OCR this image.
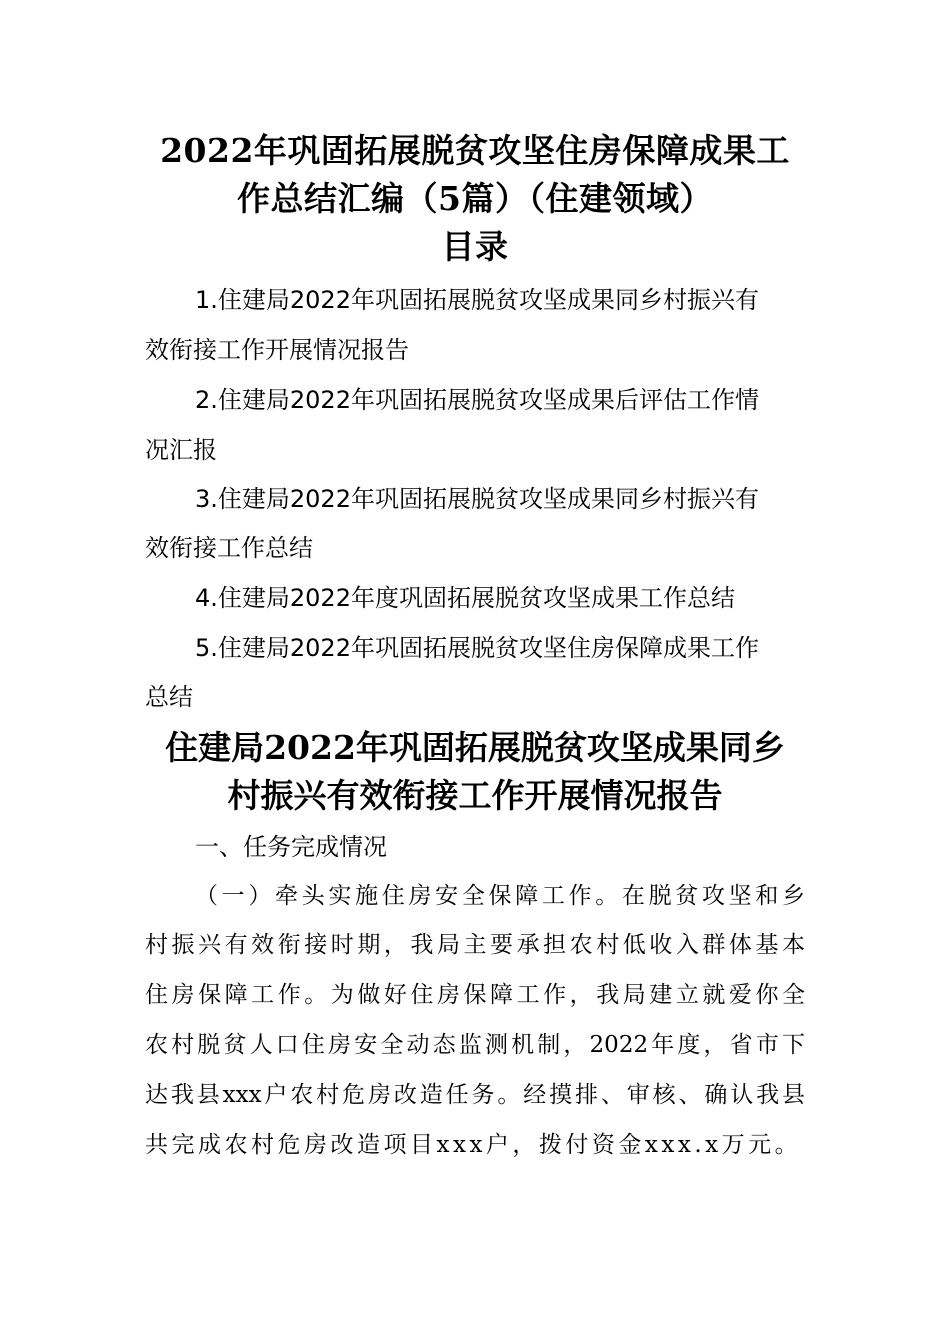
2022年巩固拓展脱贫攻坚住房保障成果工
作总结汇编（5篇）（住建领域）
目录
1.住建局2022年巩固拓展脱贫攻坚成果同乡村振兴有
效衔接工作开展情况报告
2.住建局2022年巩固拓展脱贫攻坚成果后评估工作情
况汇报
3.住建局2022年巩固拓展脱贫攻坚成果同乡村振兴有
效衔接工作总结
4.住建局2022年度巩固拓展脱贫攻坚成果工作总结
5.住建局2022年巩固拓展脱贫攻坚住房保障成果工作
总结
住建局2022年巩固拓展脱贫攻坚成果同乡
村振兴有效衔接工作开展情况报告
一、任务完成情况
（一）牵头实施住房安全保障工作。在脱贫攻坚和乡
村振兴有效衔接时期，我局主要承担农村低收入群体基本
住房保障工作。为做好住房保障工作，我局建立就爱你全
农村脱贫人口住房安全动态监测机制，2022年度，省市下
达我县xxx户农村危房改造任务。经摸排、审核、确认我县
共完成农村危房改造项目xxx户，拨付资金xxx.x万元。
